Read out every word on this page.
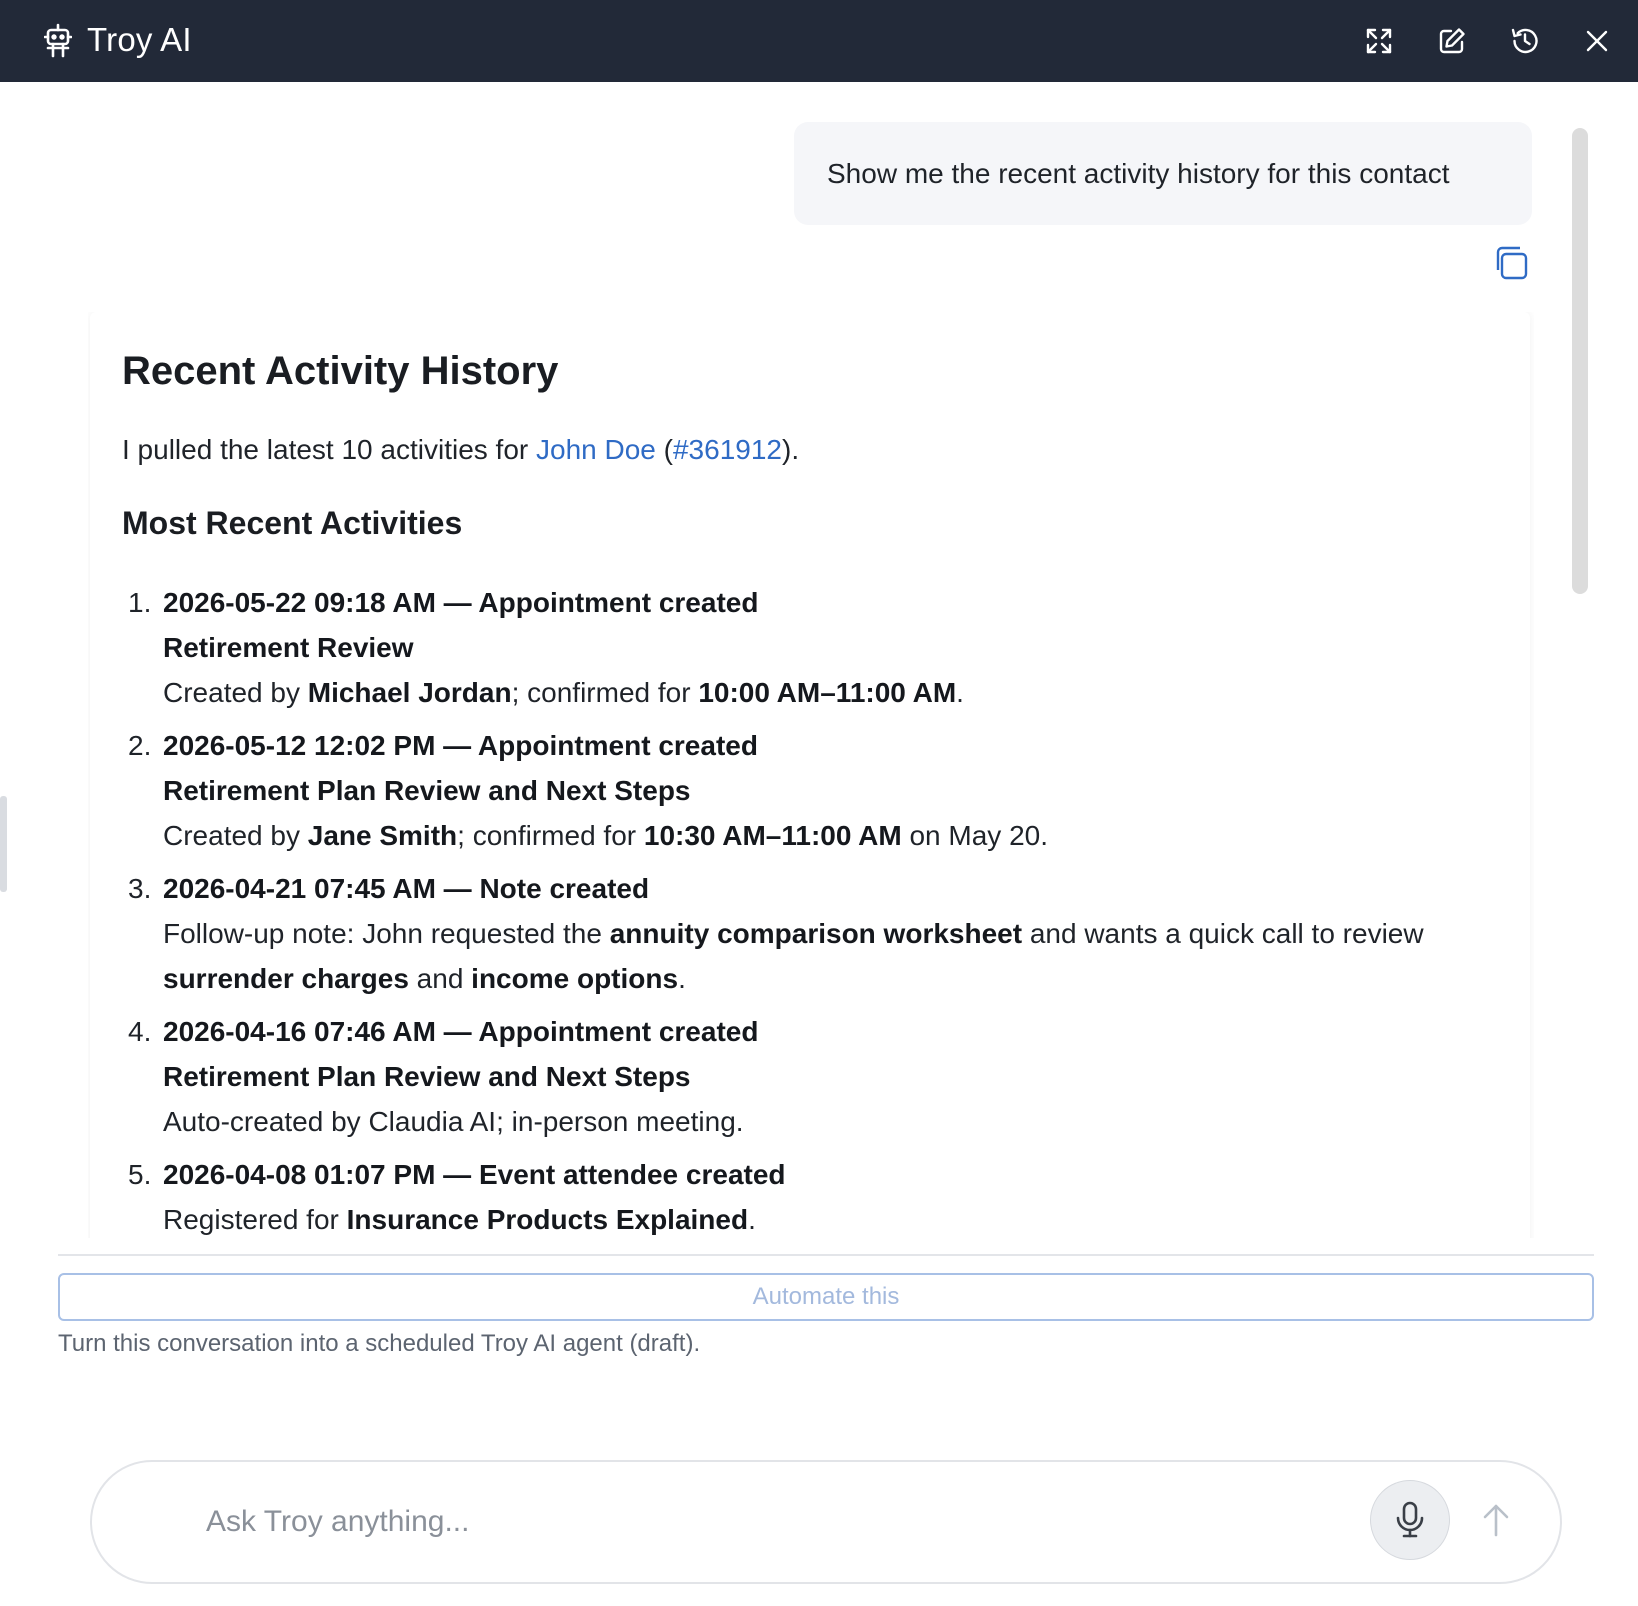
Troy AI
Show me the recent activity history for this contact
Recent Activity History
I pulled the latest 10 activities for John Doe (#361912).
Most Recent Activities
1. 2026-05-22 09:18 AM — Appointment created
Retirement Review
Created by Michael Jordan; confirmed for 10:00 AM–11:00 AM.
2. 2026-05-12 12:02 PM — Appointment created
Retirement Plan Review and Next Steps
Created by Jane Smith; confirmed for 10:30 AM–11:00 AM on May 20.
3. 2026-04-21 07:45 AM — Note created
Follow-up note: John requested the annuity comparison worksheet and wants a quick call to review
surrender charges and income options.
4. 2026-04-16 07:46 AM — Appointment created
Retirement Plan Review and Next Steps
Auto-created by Claudia AI; in-person meeting.
5. 2026-04-08 01:07 PM — Event attendee created
Registered for Insurance Products Explained.
Automate this
Turn this conversation into a scheduled Troy AI agent (draft).
Ask Troy anything...
